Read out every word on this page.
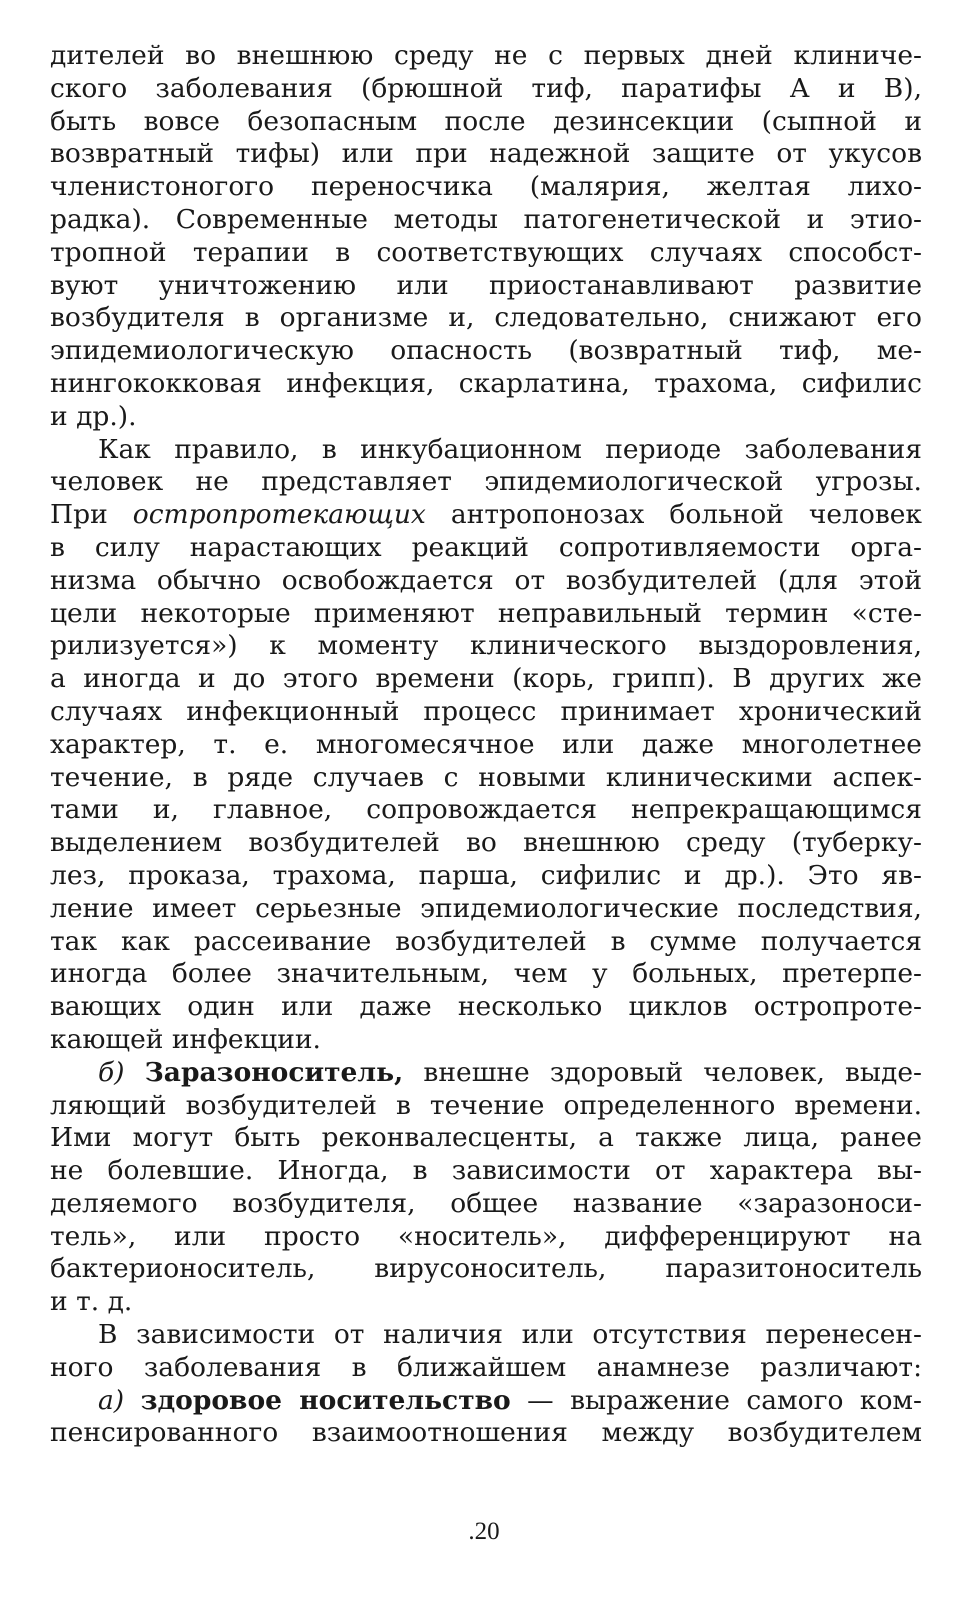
дителей во внешнюю среду не с первых дней клиниче-
ского заболевания (брюшной тиф, паратифы А и В),
быть вовсе безопасным после дезинсекции (сыпной и
возвратный тифы) или при надежной защите от укусов
членистоногого переносчика (малярия, желтая лихо-
радка). Современные методы патогенетической и этио-
тропной терапии в соответствующих случаях способст-
вуют уничтожению или приостанавливают развитие
возбудителя в организме и, следовательно, снижают его
эпидемиологическую опасность (возвратный тиф, ме-
нингококковая инфекция, скарлатина, трахома, сифилис
и др.).

Как правило, в инкубационном периоде заболевания
человек не представляет эпидемиологической угрозы.
При остропротекающих антропонозах больной человек
в силу нарастающих реакций сопротивляемости орга-
низма обычно освобождается от возбудителей (для этой
цели некоторые применяют неправильный термин «сте-
рилизуется») к моменту клинического выздоровления,
а иногда и до этого времени (корь, грипп). В других же
случаях инфекционный процесс принимает хронический
характер, т. е. многомесячное или даже многолетнее
течение, в ряде случаев с новыми клиническими аспек-
тами и, главное, сопровождается непрекращающимся
выделением возбудителей во внешнюю среду (туберку-
лез, проказа, трахома, парша, сифилис и др.). Это яв-
ление имеет серьезные эпидемиологические последствия,
так как рассеивание возбудителей в сумме получается
иногда более значительным, чем у больных, претерпе-
вающих один или даже несколько циклов остропроте-
кающей инфекции.

б) Заразоноситель, внешне здоровый человек, выде-
ляющий возбудителей в течение определенного времени.
Ими могут быть реконвалесценты, а также лица, ранее
не болевшие. Иногда, в зависимости от характера вы-
деляемого возбудителя, общее название «заразоноси-
тель», или просто «носитель», дифференцируют на
бактерионоситель, вирусоноситель, паразитоноситель
и т. д.

В зависимости от наличия или отсутствия перенесен-
ного заболевания в ближайшем анамнезе различают:

а) здоровое носительство — выражение самого ком-
пенсированного взаимоотношения между возбудителем

.20
